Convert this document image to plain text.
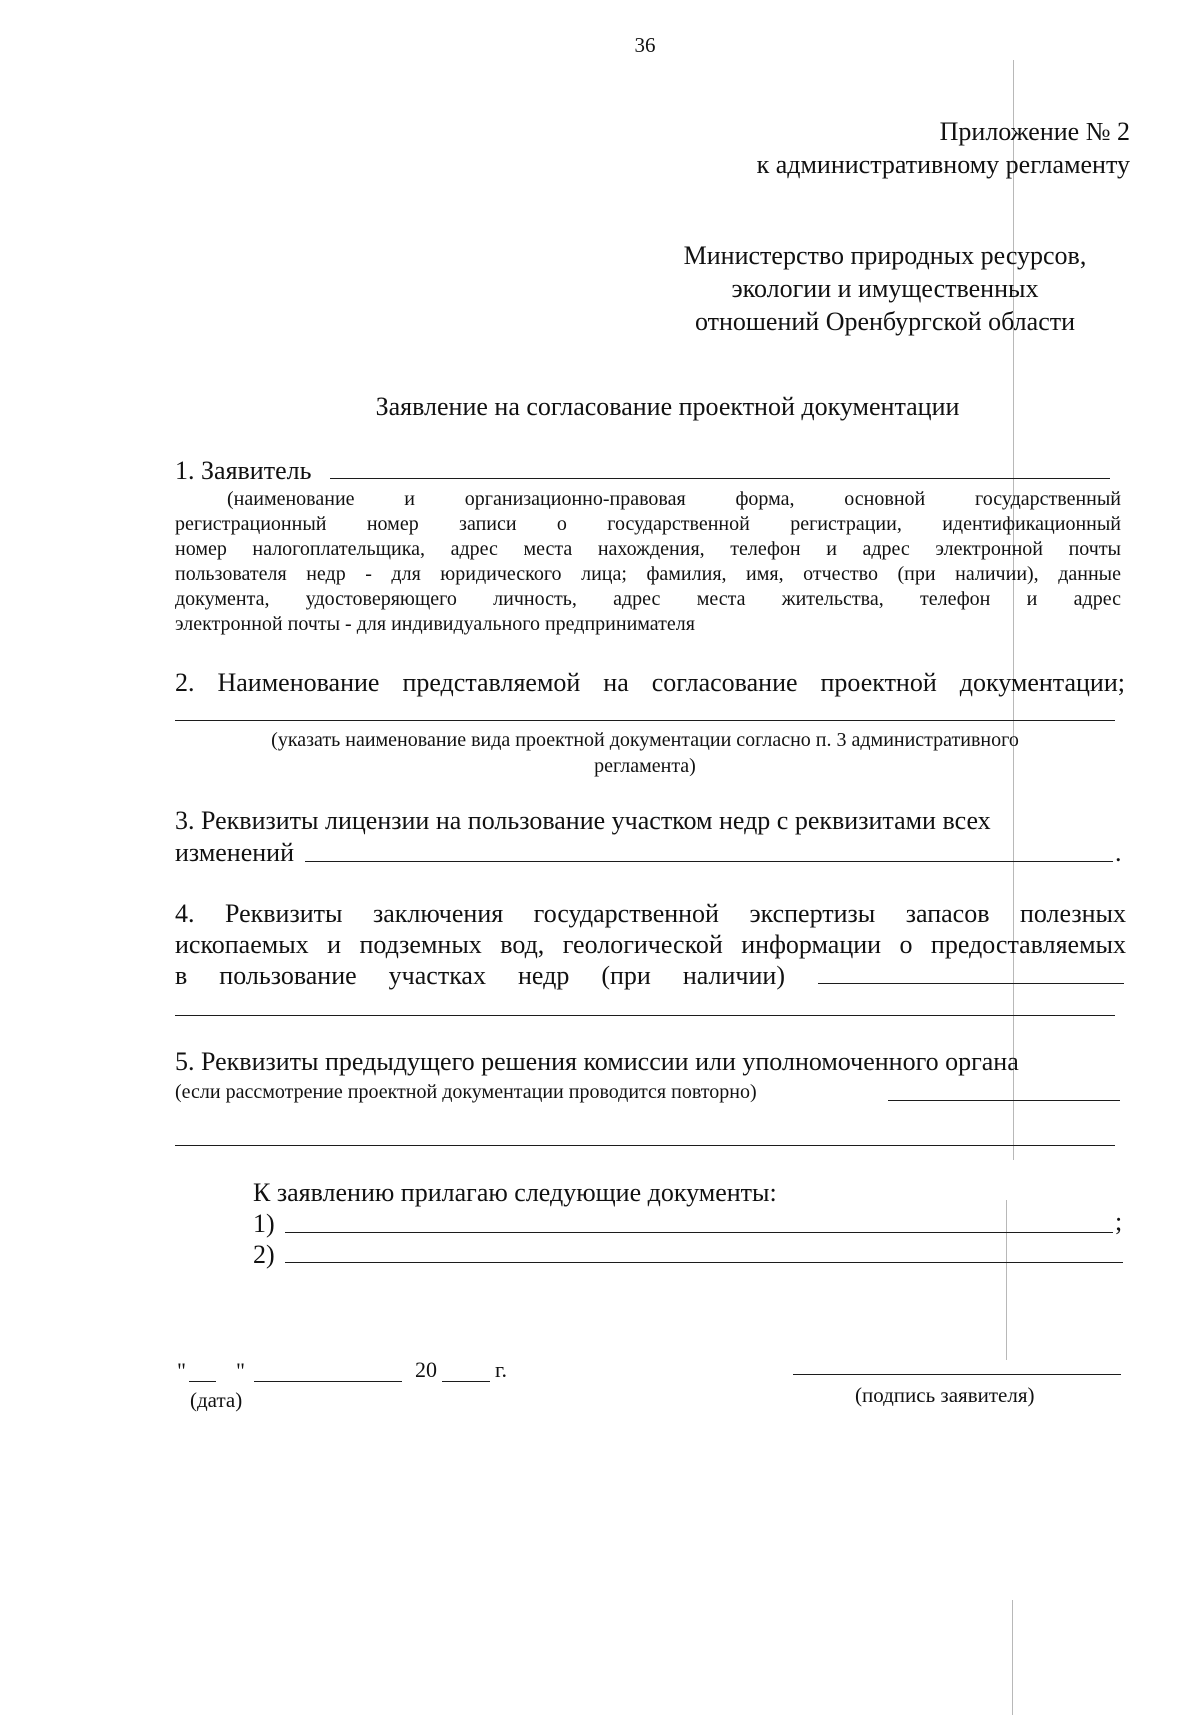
36
Приложение № 2
к административному регламенту
Министерство природных ресурсов,
экологии и имущественных
отношений Оренбургской области
Заявление на согласование проектной документации
1. Заявитель
(наименование и организационно-правовая форма, основной государственный
регистрационный номер записи о государственной регистрации, идентификационный
номер налогоплательщика, адрес места нахождения, телефон и адрес электронной почты
пользователя недр - для юридического лица; фамилия, имя, отчество (при наличии), данные
документа, удостоверяющего личность, адрес места жительства, телефон и адрес
электронной почты - для индивидуального предпринимателя
2. Наименование представляемой на согласование проектной документации;
(указать наименование вида проектной документации согласно п. 3 административного
регламента)
3. Реквизиты лицензии на пользование участком недр с реквизитами всех
изменений	.
4. Реквизиты заключения государственной экспертизы запасов полезных
ископаемых и подземных вод, геологической информации о предоставляемых
в пользование участках недр (при наличии)
5. Реквизиты предыдущего решения комиссии или уполномоченного органа
(если рассмотрение проектной документации проводится повторно)
К заявлению прилагаю следующие документы:
1)	;
2)
" "	20	г.
(дата)	(подпись заявителя)
